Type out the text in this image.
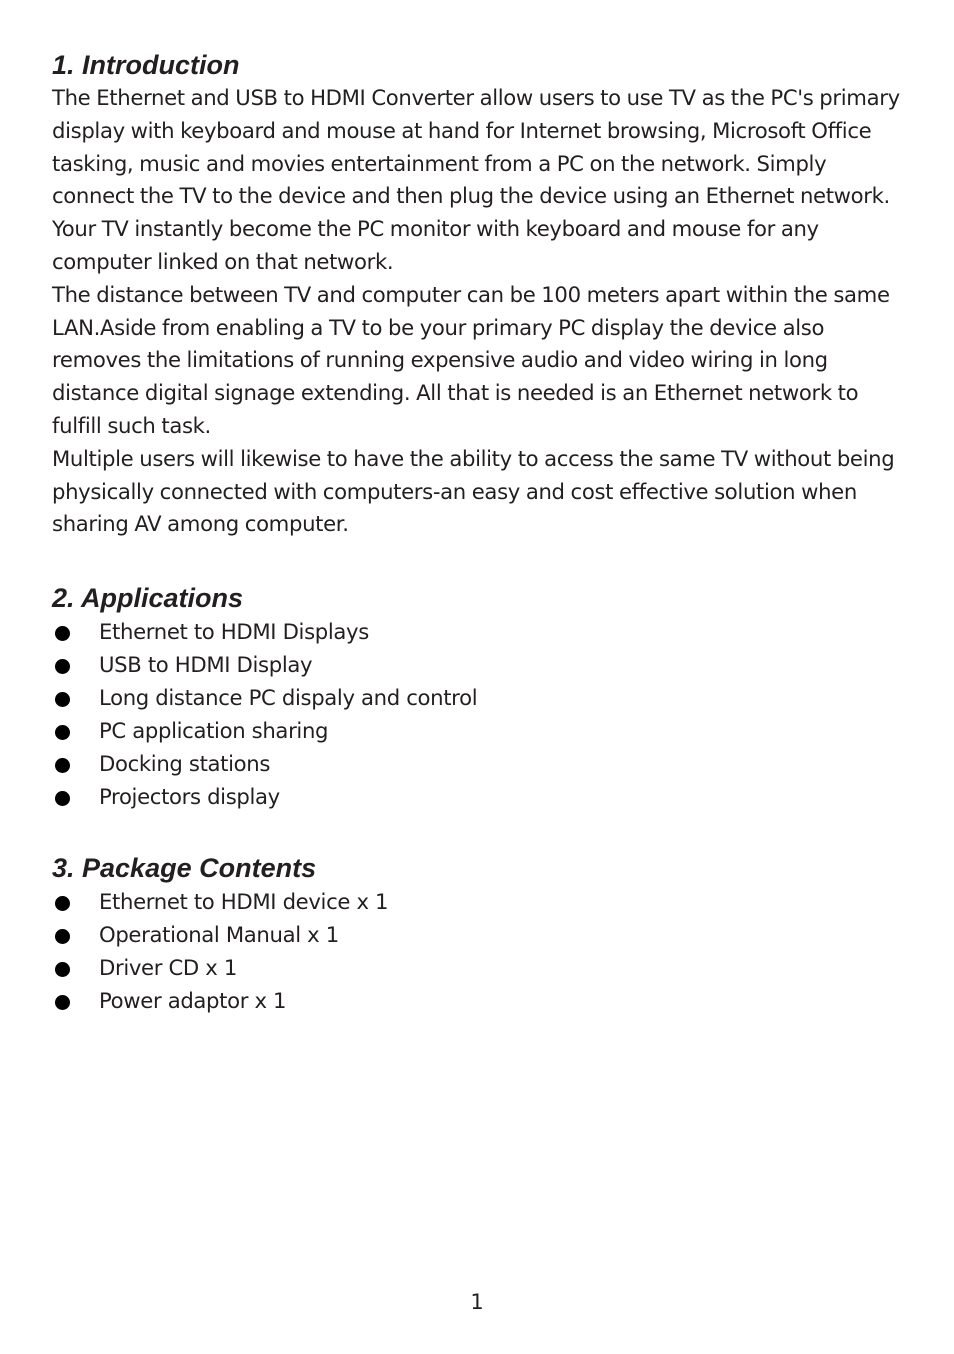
1. Introduction

The Ethernet and USB to HDMI Converter allow users to use TV as the PC's primary display with keyboard and mouse at hand for Internet browsing, Microsoft Office tasking, music and movies entertainment from a PC on the network. Simply connect the TV to the device and then plug the device using an Ethernet network. Your TV instantly become the PC monitor with keyboard and mouse for any computer linked on that network.

The distance between TV and computer can be 100 meters apart within the same LAN.Aside from enabling a TV to be your primary PC display the device also removes the limitations of running expensive audio and video wiring in long distance digital signage extending. All that is needed is an Ethernet network to fulfill such task.

Multiple users will likewise to have the ability to access the same TV without being physically connected with computers-an easy and cost effective solution when sharing AV among computer.

2. Applications
Ethernet to HDMI Displays
USB to HDMI Display
Long distance PC dispaly and control
PC application sharing
Docking stations
Projectors display
3. Package Contents
Ethernet to HDMI device x 1
Operational Manual x 1
Driver CD x 1
Power adaptor x 1
1
